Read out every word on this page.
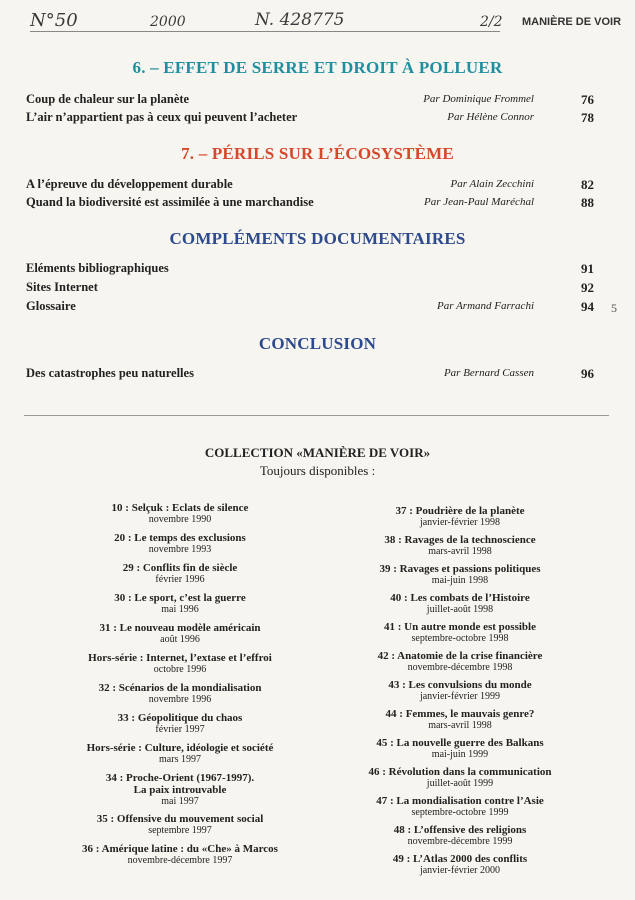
N°50	2000	N. 428775	2/2 MANIÈRE DE VOIR
6. – EFFET DE SERRE ET DROIT À POLLUER
Coup de chaleur sur la planète	Par Dominique Frommel	76
L’air n’appartient pas à ceux qui peuvent l’acheter	Par Hélène Connor	78
7. – PÉRILS SUR L’ÉCOSYSTÈME
A l’épreuve du développement durable	Par Alain Zecchini	82
Quand la biodiversité est assimilée à une marchandise	Par Jean-Paul Maréchal	88
COMPLÉMENTS DOCUMENTAIRES
Eléments bibliographiques	91
Sites Internet	92
Glossaire	Par Armand Farrachi	94 5
CONCLUSION
Des catastrophes peu naturelles	Par Bernard Cassen	96
COLLECTION «MANIÈRE DE VOIR»
Toujours disponibles :
10 : Selçuk : Eclats de silence
novembre 1990
20 : Le temps des exclusions
novembre 1993
29 : Conflits fin de siècle
février 1996
30 : Le sport, c’est la guerre
mai 1996
31 : Le nouveau modèle américain
août 1996
Hors-série : Internet, l’extase et l’effroi
octobre 1996
32 : Scénarios de la mondialisation
novembre 1996
33 : Géopolitique du chaos
février 1997
Hors-série : Culture, idéologie et société
mars 1997
34 : Proche-Orient (1967-1997).
La paix introuvable
mai 1997
35 : Offensive du mouvement social
septembre 1997
36 : Amérique latine : du «Che» à Marcos
novembre-décembre 1997
37 : Poudrière de la planète
janvier-février 1998
38 : Ravages de la technoscience
mars-avril 1998
39 : Ravages et passions politiques
mai-juin 1998
40 : Les combats de l’Histoire
juillet-août 1998
41 : Un autre monde est possible
septembre-octobre 1998
42 : Anatomie de la crise financière
novembre-décembre 1998
43 : Les convulsions du monde
janvier-février 1999
44 : Femmes, le mauvais genre?
mars-avril 1998
45 : La nouvelle guerre des Balkans
mai-juin 1999
46 : Révolution dans la communication
juillet-août 1999
47 : La mondialisation contre l’Asie
septembre-octobre 1999
48 : L’offensive des religions
novembre-décembre 1999
49 : L’Atlas 2000 des conflits
janvier-février 2000
